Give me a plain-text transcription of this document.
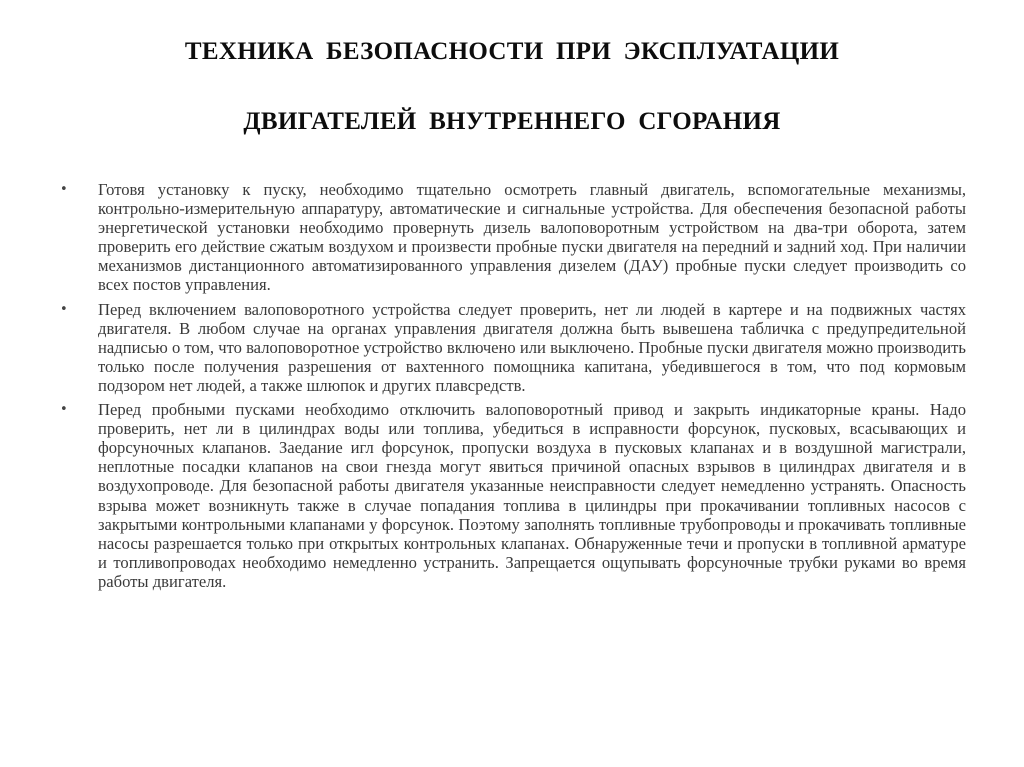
ТЕХНИКА БЕЗОПАСНОСТИ ПРИ ЭКСПЛУАТАЦИИ
ДВИГАТЕЛЕЙ ВНУТРЕННЕГО СГОРАНИЯ
• Готовя установку к пуску, необходимо тщательно осмотреть главный двигатель, вспомогательные механизмы, контрольно-измерительную аппаратуру, автоматические и сигнальные устройства. Для обеспечения безопасной работы энергетической установки необходимо провернуть дизель валоповоротным устройством на два-три оборота, затем проверить его действие сжатым воздухом и произвести пробные пуски двигателя на передний и задний ход. При наличии механизмов дистанционного автоматизированного управления дизелем (ДАУ) пробные пуски следует производить со всех постов управления.
• Перед включением валоповоротного устройства следует проверить, нет ли людей в картере и на подвижных частях двигателя. В любом случае на органах управления двигателя должна быть вывешена табличка с предупредительной надписью о том, что валоповоротное устройство включено или выключено. Пробные пуски двигателя можно производить только после получения разрешения от вахтенного помощника капитана, убедившегося в том, что под кормовым подзором нет людей, а также шлюпок и других плавсредств.
• Перед пробными пусками необходимо отключить валоповоротный привод и закрыть индикаторные краны. Надо проверить, нет ли в цилиндрах воды или топлива, убедиться в исправности форсунок, пусковых, всасывающих и форсуночных клапанов. Заедание игл форсунок, пропуски воздуха в пусковых клапанах и в воздушной магистрали, неплотные посадки клапанов на свои гнезда могут явиться причиной опасных взрывов в цилиндрах двигателя и в воздухопроводе. Для безопасной работы двигателя указанные неисправности следует немедленно устранять. Опасность взрыва может возникнуть также в случае попадания топлива в цилиндры при прокачивании топливных насосов с закрытыми контрольными клапанами у форсунок. Поэтому заполнять топливные трубопроводы и прокачивать топливные насосы разрешается только при открытых контрольных клапанах. Обнаруженные течи и пропуски в топливной арматуре и топливопроводах необходимо немедленно устранить. Запрещается ощупывать форсуночные трубки руками во время работы двигателя.
